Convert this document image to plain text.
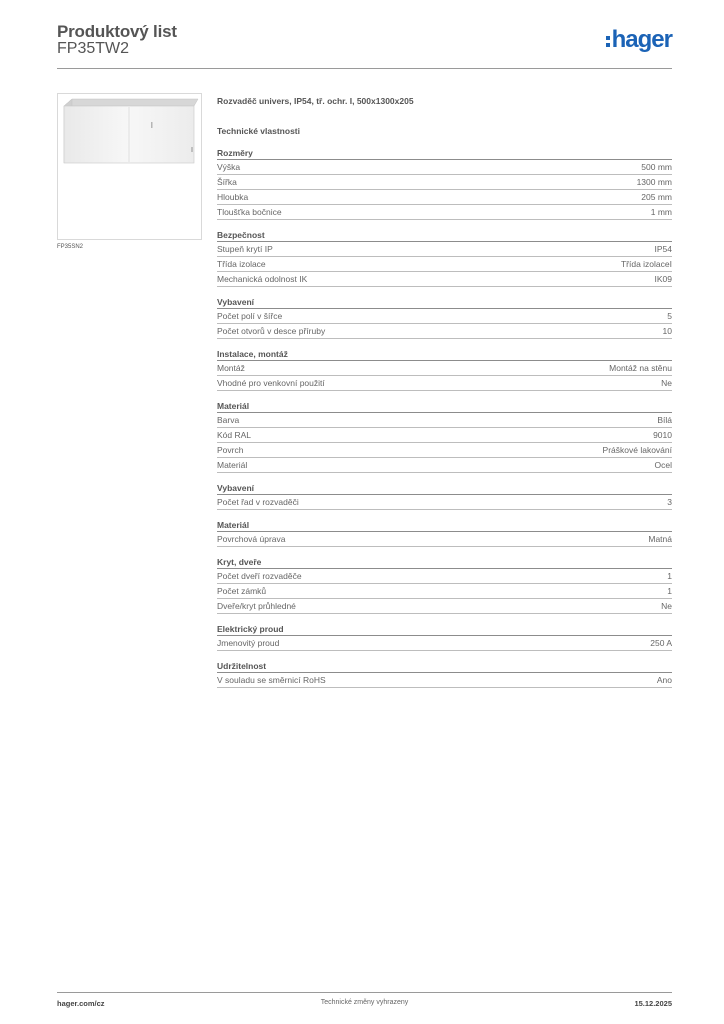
Produktový list
FP35TW2	hager
FP35SN2
Rozvaděč univers, IP54, tř. ochr. I, 500x1300x205
Technické vlastnosti
Rozměry
Výška	500 mm
Šířka	1300 mm
Hloubka	205 mm
Tloušťka bočnice	1 mm
Bezpečnost
Stupeň krytí IP	IP54
Třída izolace	Třída izolaceI
Mechanická odolnost IK	IK09
Vybavení
Počet polí v šířce	5
Počet otvorů v desce příruby	10
Instalace, montáž
Montáž	Montáž na stěnu
Vhodné pro venkovní použití	Ne
Materiál
Barva	Bílá
Kód RAL	9010
Povrch	Práškové lakování
Materiál	Ocel
Vybavení
Počet řad v rozvaděči	3
Materiál
Povrchová úprava	Matná
Kryt, dveře
Počet dveří rozvaděče	1
Počet zámků	1
Dveře/kryt průhledné	Ne
Elektrický proud
Jmenovitý proud	250 A
Udržitelnost
V souladu se směrnicí RoHS	Ano
hager.com/cz	Technické změny vyhrazeny	15.12.2025
